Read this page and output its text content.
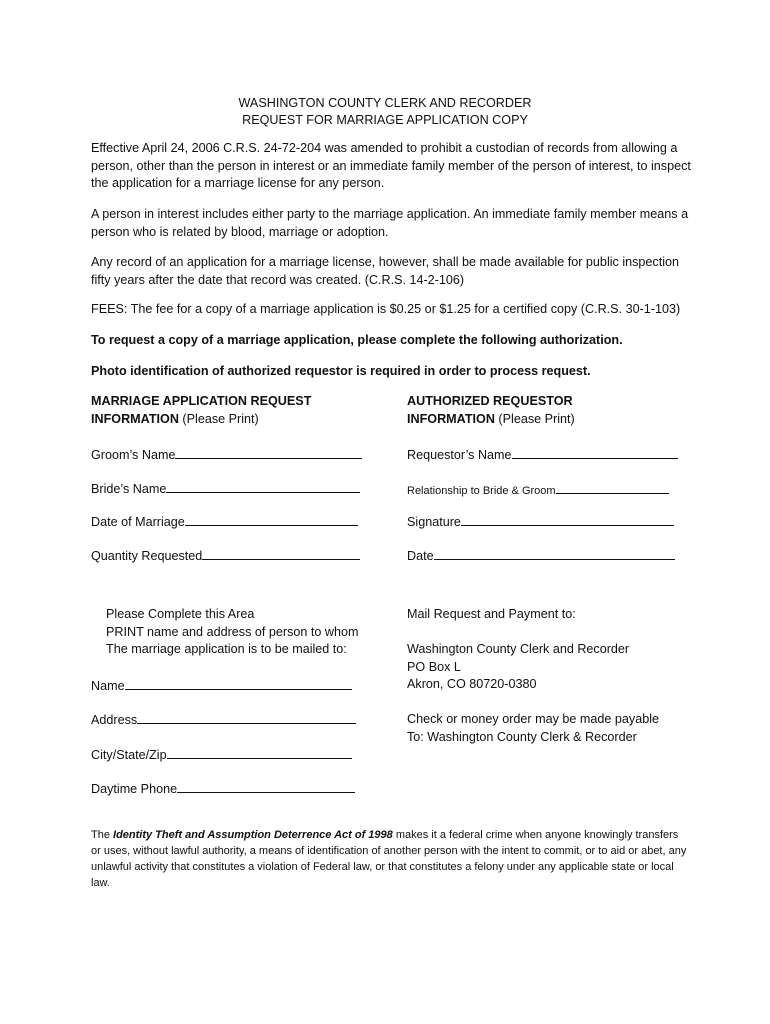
WASHINGTON COUNTY CLERK AND RECORDER
REQUEST FOR MARRIAGE APPLICATION COPY
Effective April 24, 2006 C.R.S. 24-72-204 was amended to prohibit a custodian of records from allowing a person, other than the person in interest or an immediate family member of the person of interest, to inspect the application for a marriage license for any person.
A person in interest includes either party to the marriage application. An immediate family member means a person who is related by blood, marriage or adoption.
Any record of an application for a marriage license, however, shall be made available for public inspection fifty years after the date that record was created. (C.R.S. 14-2-106)
FEES: The fee for a copy of a marriage application is $0.25 or $1.25 for a certified copy (C.R.S. 30-1-103)
To request a copy of a marriage application, please complete the following authorization.
Photo identification of authorized requestor is required in order to process request.
MARRIAGE APPLICATION REQUEST
INFORMATION (Please Print)
AUTHORIZED REQUESTOR
INFORMATION (Please Print)
Groom’s Name
Bride’s Name
Date of Marriage
Quantity Requested
Requestor’s Name
Relationship to Bride & Groom
Signature
Date
Please Complete this Area
PRINT name and address of person to whom
The marriage application is to be mailed to:
Mail Request and Payment to:
Washington County Clerk and Recorder
PO Box L
Akron, CO 80720-0380
Check or money order may be made payable
To: Washington County Clerk & Recorder
Name
Address
City/State/Zip
Daytime Phone
The Identity Theft and Assumption Deterrence Act of 1998 makes it a federal crime when anyone knowingly transfers or uses, without lawful authority, a means of identification of another person with the intent to commit, or to aid or abet, any unlawful activity that constitutes a violation of Federal law, or that constitutes a felony under any applicable state or local law.
